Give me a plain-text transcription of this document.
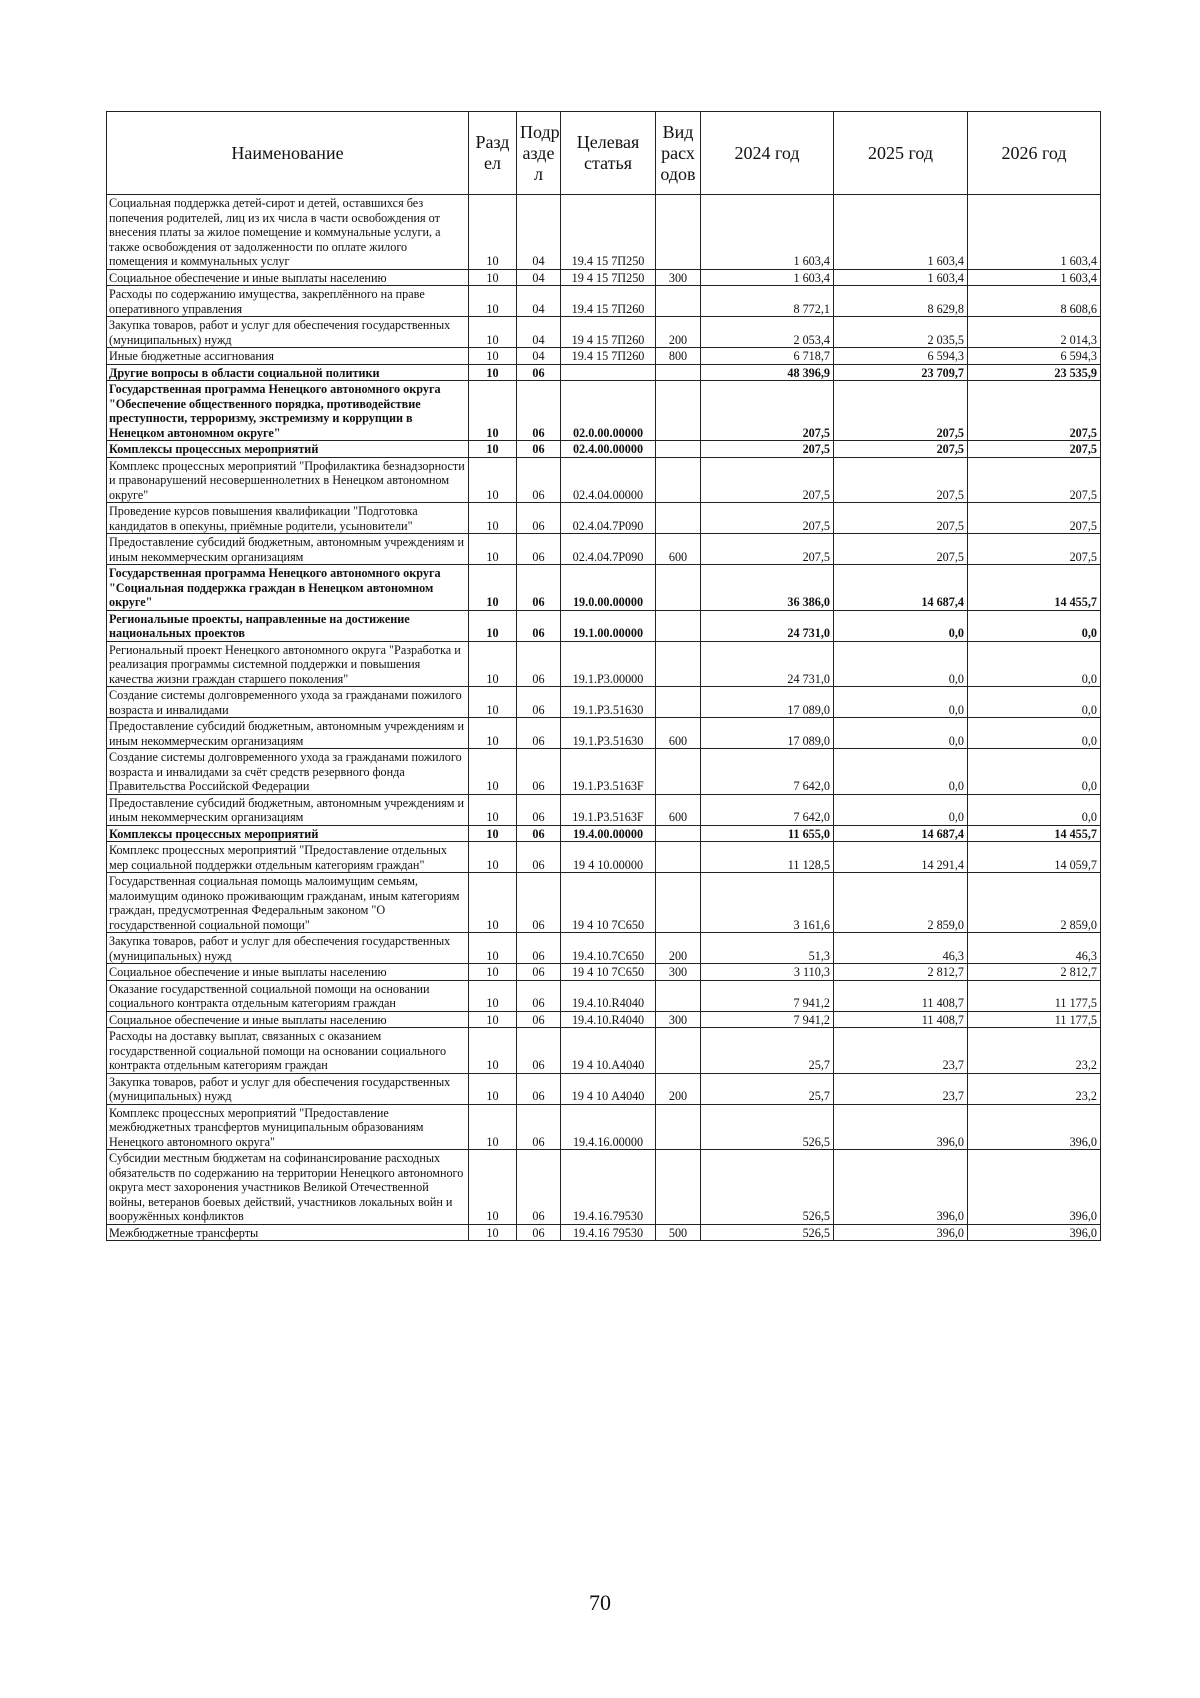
Наименование	Разд ел	Подр азде л	Целевая статья	Вид расх одов	2024 год	2025 год	2026 год
Социальная поддержка детей-сирот и детей, оставшихся без попечения родителей, лиц из их числа в части освобождения от внесения платы за жилое помещение и коммунальные услуги, а также освобождения от задолженности по оплате жилого помещения и коммунальных услуг	10	04	19.4 15 7П250		1 603,4	1 603,4	1 603,4
Социальное обеспечение и иные выплаты населению	10	04	19 4 15 7П250	300	1 603,4	1 603,4	1 603,4
Расходы по содержанию имущества, закреплённого на праве оперативного управления	10	04	19.4 15 7П260		8 772,1	8 629,8	8 608,6
Закупка товаров, работ и услуг для обеспечения государственных (муниципальных) нужд	10	04	19 4 15 7П260	200	2 053,4	2 035,5	2 014,3
Иные бюджетные ассигнования	10	04	19.4 15 7П260	800	6 718,7	6 594,3	6 594,3
Другие вопросы в области социальной политики	10	06			48 396,9	23 709,7	23 535,9
Государственная программа Ненецкого автономного округа "Обеспечение общественного порядка, противодействие преступности, терроризму, экстремизму и коррупции в Ненецком автономном округе"	10	06	02.0.00.00000		207,5	207,5	207,5
Комплексы процессных мероприятий	10	06	02.4.00.00000		207,5	207,5	207,5
Комплекс процессных мероприятий "Профилактика безнадзорности и правонарушений несовершеннолетних в Ненецком автономном округе"	10	06	02.4.04.00000		207,5	207,5	207,5
Проведение курсов повышения квалификации "Подготовка кандидатов в опекуны, приёмные родители, усыновители"	10	06	02.4.04.7Р090		207,5	207,5	207,5
Предоставление субсидий бюджетным, автономным учреждениям и иным некоммерческим организациям	10	06	02.4.04.7Р090	600	207,5	207,5	207,5
Государственная программа Ненецкого автономного округа "Социальная поддержка граждан в Ненецком автономном округе"	10	06	19.0.00.00000		36 386,0	14 687,4	14 455,7
Региональные проекты, направленные на достижение национальных проектов	10	06	19.1.00.00000		24 731,0	0,0	0,0
Региональный проект Ненецкого автономного округа "Разработка и реализация программы системной поддержки и повышения качества жизни граждан старшего поколения"	10	06	19.1.Р3.00000		24 731,0	0,0	0,0
Создание системы долговременного ухода за гражданами пожилого возраста и инвалидами	10	06	19.1.Р3.51630		17 089,0	0,0	0,0
Предоставление субсидий бюджетным, автономным учреждениям и иным некоммерческим организациям	10	06	19.1.Р3.51630	600	17 089,0	0,0	0,0
Создание системы долговременного ухода за гражданами пожилого возраста и инвалидами за счёт средств резервного фонда Правительства Российской Федерации	10	06	19.1.Р3.5163F		7 642,0	0,0	0,0
Предоставление субсидий бюджетным, автономным учреждениям и иным некоммерческим организациям	10	06	19.1.Р3.5163F	600	7 642,0	0,0	0,0
Комплексы процессных мероприятий	10	06	19.4.00.00000		11 655,0	14 687,4	14 455,7
Комплекс процессных мероприятий "Предоставление отдельных мер социальной поддержки отдельным категориям граждан"	10	06	19 4 10.00000		11 128,5	14 291,4	14 059,7
Государственная социальная помощь малоимущим семьям, малоимущим одиноко проживающим гражданам, иным категориям граждан, предусмотренная Федеральным законом "О государственной социальной помощи"	10	06	19 4 10 7С650		3 161,6	2 859,0	2 859,0
Закупка товаров, работ и услуг для обеспечения государственных (муниципальных) нужд	10	06	19.4.10.7С650	200	51,3	46,3	46,3
Социальное обеспечение и иные выплаты населению	10	06	19 4 10 7С650	300	3 110,3	2 812,7	2 812,7
Оказание государственной социальной помощи на основании социального контракта отдельным категориям граждан	10	06	19.4.10.R4040		7 941,2	11 408,7	11 177,5
Социальное обеспечение и иные выплаты населению	10	06	19.4.10.R4040	300	7 941,2	11 408,7	11 177,5
Расходы на доставку выплат, связанных с оказанием государственной социальной помощи на основании социального контракта отдельным категориям граждан	10	06	19 4 10.А4040		25,7	23,7	23,2
Закупка товаров, работ и услуг для обеспечения государственных (муниципальных) нужд	10	06	19 4 10 А4040	200	25,7	23,7	23,2
Комплекс процессных мероприятий "Предоставление межбюджетных трансфертов муниципальным образованиям Ненецкого автономного округа"	10	06	19.4.16.00000		526,5	396,0	396,0
Субсидии местным бюджетам на софинансирование расходных обязательств по содержанию на территории Ненецкого автономного округа мест захоронения участников Великой Отечественной войны, ветеранов боевых действий, участников локальных войн и вооружённых конфликтов	10	06	19.4.16.79530		526,5	396,0	396,0
Межбюджетные трансферты	10	06	19.4.16 79530	500	526,5	396,0	396,0
70
